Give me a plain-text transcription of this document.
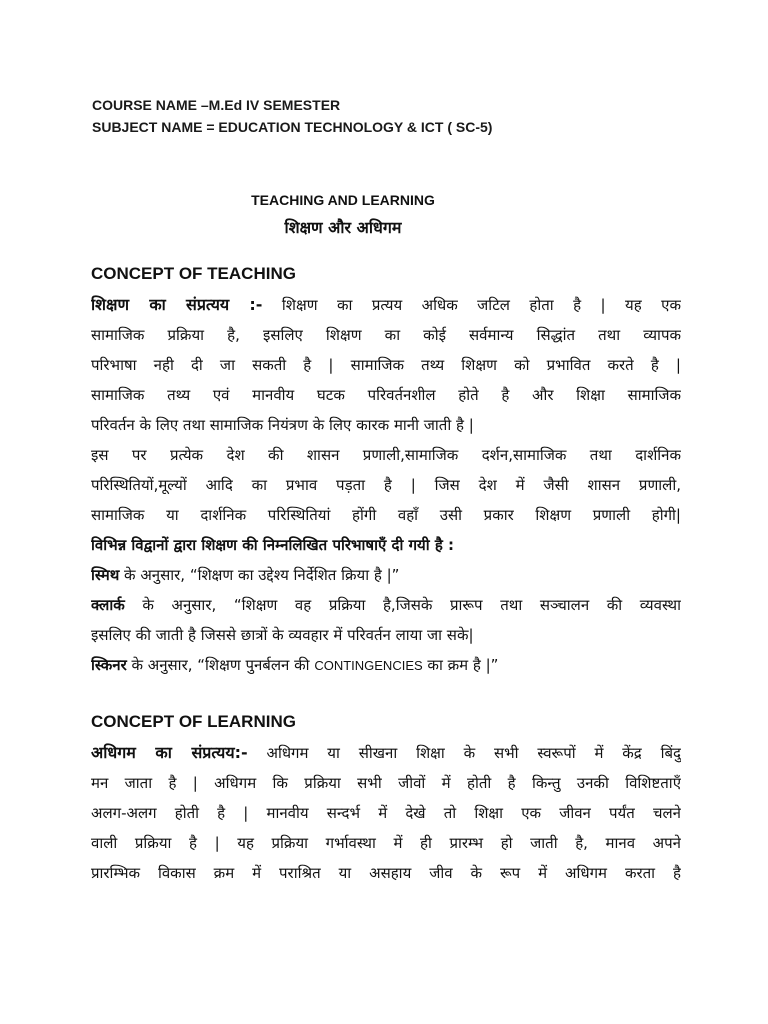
COURSE NAME –M.Ed IV SEMESTER
SUBJECT NAME = EDUCATION TECHNOLOGY & ICT ( SC-5)
TEACHING AND LEARNING
शिक्षण और अधिगम
CONCEPT OF TEACHING
शिक्षण का संप्रत्यय :- शिक्षण का प्रत्यय अधिक जटिल होता है | यह एक
सामाजिक प्रक्रिया है, इसलिए शिक्षण का कोई सर्वमान्य सिद्धांत तथा व्यापक
परिभाषा नही दी जा सकती है | सामाजिक तथ्य शिक्षण को प्रभावित करते है |
सामाजिक तथ्य एवं मानवीय घटक परिवर्तनशील होते है और शिक्षा सामाजिक
परिवर्तन के लिए तथा सामाजिक नियंत्रण के लिए कारक मानी जाती है |
इस पर प्रत्येक देश की शासन प्रणाली,सामाजिक दर्शन,सामाजिक तथा दार्शनिक
परिस्थितियों,मूल्यों आदि का प्रभाव पड़ता है | जिस देश में जैसी शासन प्रणाली,
सामाजिक या दार्शनिक परिस्थितियां होंगी वहाँ उसी प्रकार शिक्षण प्रणाली होगी|
विभिन्न विद्वानों द्वारा शिक्षण की निम्नलिखित परिभाषाएँ दी गयी है :
स्मिथ के अनुसार, “शिक्षण का उद्देश्य निर्देशित क्रिया है |”
क्लार्क के अनुसार, “शिक्षण वह प्रक्रिया है,जिसके प्रारूप तथा सञ्चालन की व्यवस्था
इसलिए की जाती है जिससे छात्रों के व्यवहार में परिवर्तन लाया जा सके|
स्किनर के अनुसार, “शिक्षण पुनर्बलन की CONTINGENCIES का क्रम है |”
CONCEPT OF LEARNING
अधिगम का संप्रत्यय:- अधिगम या सीखना शिक्षा के सभी स्वरूपों में केंद्र बिंदु
मन जाता है | अधिगम कि प्रक्रिया सभी जीवों में होती है किन्तु उनकी विशिष्टताएँ
अलग-अलग होती है | मानवीय सन्दर्भ में देखे तो शिक्षा एक जीवन पर्यंत चलने
वाली प्रक्रिया है | यह प्रक्रिया गर्भावस्था में ही प्रारम्भ हो जाती है, मानव अपने
प्रारम्भिक विकास क्रम में पराश्रित या असहाय जीव के रूप में अधिगम करता है
